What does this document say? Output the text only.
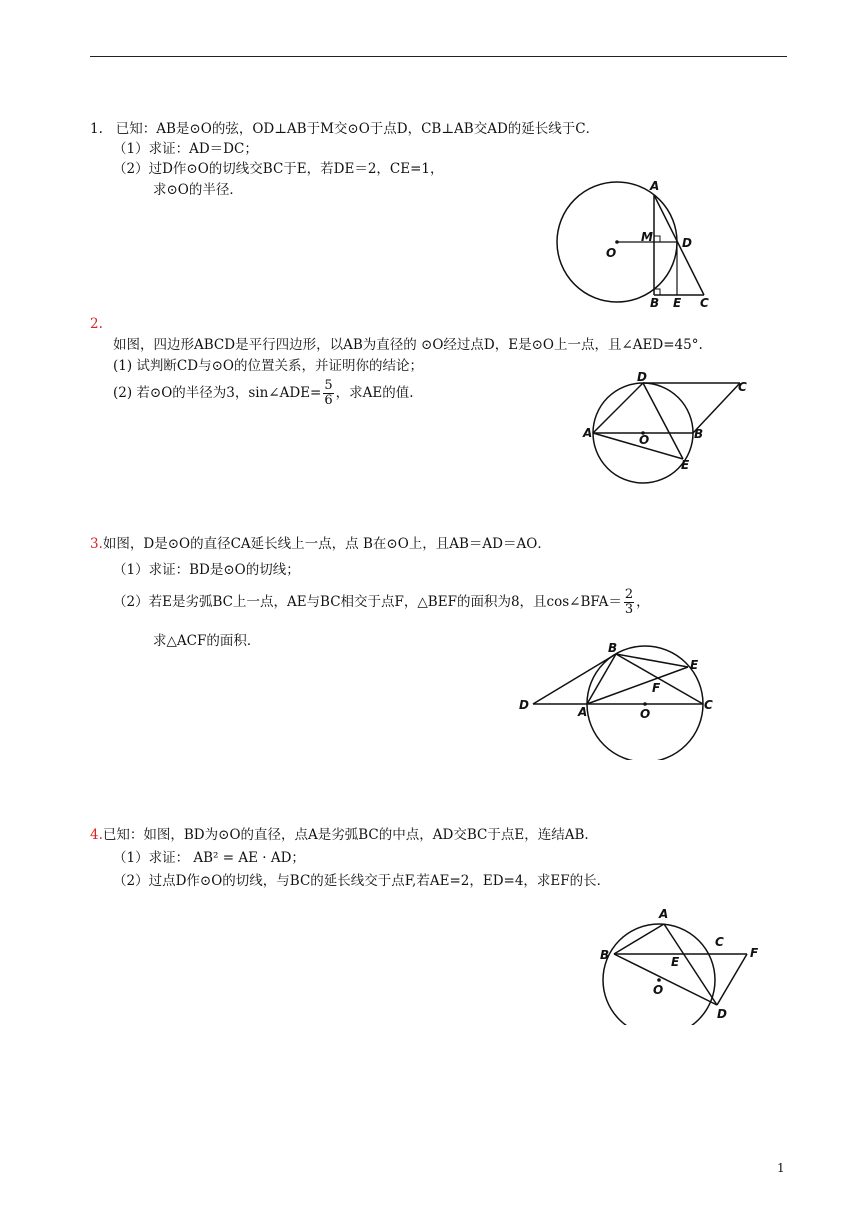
1. 已知：AB是⊙O的弦，OD⊥AB于M交⊙O于点D，CB⊥AB交AD的延长线于C．
（1）求证：AD＝DC；
（2）过D作⊙O的切线交BC于E，若DE＝2，CE=1，
求⊙O的半径．	A
M
O
D
B E C
2.
如图，四边形ABCD是平行四边形，以AB为直径的 ⊙O经过点D，E是⊙O上一点，且∠AED=45°.
(1) 试判断CD与⊙O的位置关系，并证明你的结论；
(2) 若⊙O的半径为3，sin∠ADE= $\frac{5}{6}$ ，求AE的值.
D
C
A	O	B
E
3.如图，D是⊙O的直径CA延长线上一点，点 B在⊙O上，且AB＝AD＝AO．
（1）求证：BD是⊙O的切线；
（2）若E是劣弧BC上一点，AE与BC相交于点F，△BEF的面积为8，且cos∠BFA＝ $\frac{2}{3}$ ，
求△ACF的面积．	B
E
F
D	A	O
C
4.已知：如图，BD为⊙O的直径，点A是劣弧BC的中点，AD交BC于点E，连结AB.
（1）求证： AB² = AE · AD；
（2）过点D作⊙O的切线，与BC的延长线交于点F,若AE=2，ED=4，求EF的长．
A
C
F
B	E
O
D
1
